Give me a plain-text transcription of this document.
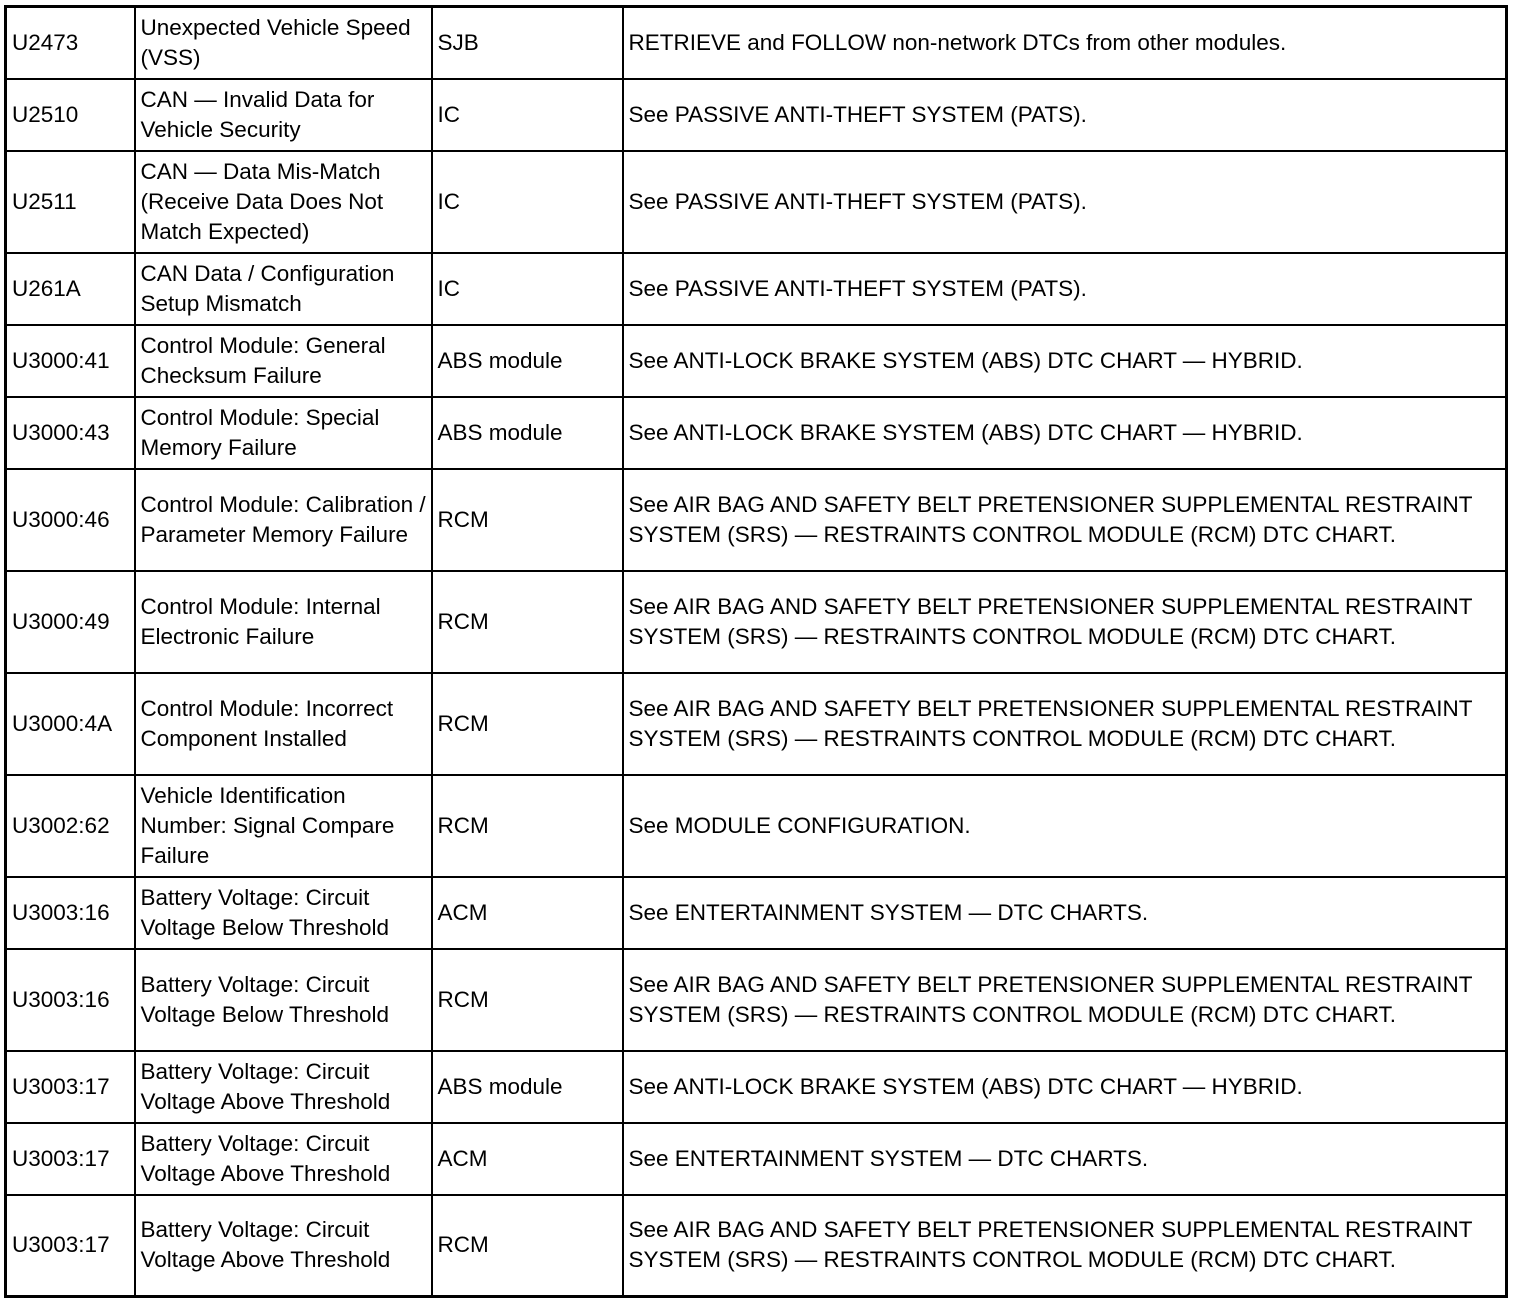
U2473	Unexpected Vehicle Speed (VSS)	SJB	RETRIEVE and FOLLOW non-network DTCs from other modules.
U2510	CAN — Invalid Data for Vehicle Security	IC	See PASSIVE ANTI-THEFT SYSTEM (PATS).
U2511	CAN — Data Mis-Match (Receive Data Does Not Match Expected)	IC	See PASSIVE ANTI-THEFT SYSTEM (PATS).
U261A	CAN Data / Configuration Setup Mismatch	IC	See PASSIVE ANTI-THEFT SYSTEM (PATS).
U3000:41	Control Module: General Checksum Failure	ABS module	See ANTI-LOCK BRAKE SYSTEM (ABS) DTC CHART — HYBRID.
U3000:43	Control Module: Special Memory Failure	ABS module	See ANTI-LOCK BRAKE SYSTEM (ABS) DTC CHART — HYBRID.
U3000:46	Control Module: Calibration / Parameter Memory Failure	RCM	See AIR BAG AND SAFETY BELT PRETENSIONER SUPPLEMENTAL RESTRAINT SYSTEM (SRS) — RESTRAINTS CONTROL MODULE (RCM) DTC CHART.
U3000:49	Control Module: Internal Electronic Failure	RCM	See AIR BAG AND SAFETY BELT PRETENSIONER SUPPLEMENTAL RESTRAINT SYSTEM (SRS) — RESTRAINTS CONTROL MODULE (RCM) DTC CHART.
U3000:4A	Control Module: Incorrect Component Installed	RCM	See AIR BAG AND SAFETY BELT PRETENSIONER SUPPLEMENTAL RESTRAINT SYSTEM (SRS) — RESTRAINTS CONTROL MODULE (RCM) DTC CHART.
U3002:62	Vehicle Identification Number: Signal Compare Failure	RCM	See MODULE CONFIGURATION.
U3003:16	Battery Voltage: Circuit Voltage Below Threshold	ACM	See ENTERTAINMENT SYSTEM — DTC CHARTS.
U3003:16	Battery Voltage: Circuit Voltage Below Threshold	RCM	See AIR BAG AND SAFETY BELT PRETENSIONER SUPPLEMENTAL RESTRAINT SYSTEM (SRS) — RESTRAINTS CONTROL MODULE (RCM) DTC CHART.
U3003:17	Battery Voltage: Circuit Voltage Above Threshold	ABS module	See ANTI-LOCK BRAKE SYSTEM (ABS) DTC CHART — HYBRID.
U3003:17	Battery Voltage: Circuit Voltage Above Threshold	ACM	See ENTERTAINMENT SYSTEM — DTC CHARTS.
U3003:17	Battery Voltage: Circuit Voltage Above Threshold	RCM	See AIR BAG AND SAFETY BELT PRETENSIONER SUPPLEMENTAL RESTRAINT SYSTEM (SRS) — RESTRAINTS CONTROL MODULE (RCM) DTC CHART.
